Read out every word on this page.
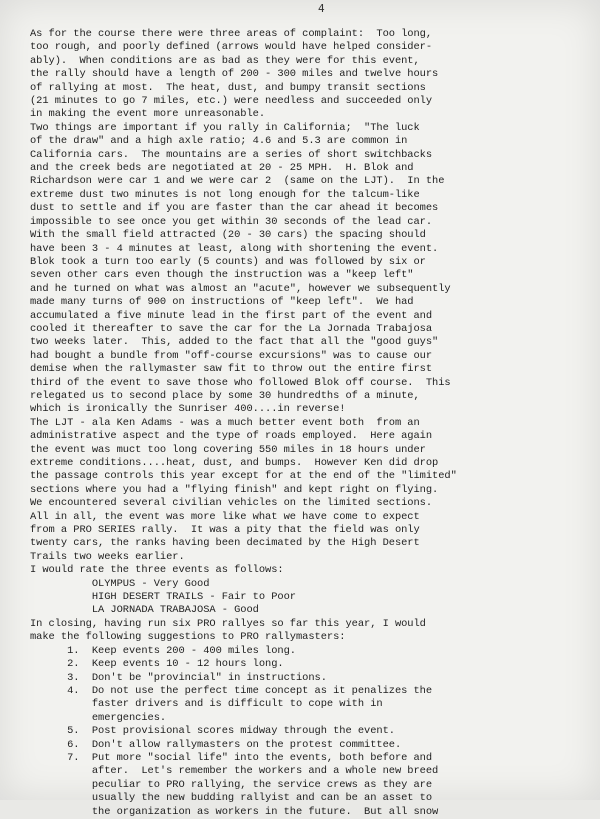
4
As for the course there were three areas of complaint:  Too long,
too rough, and poorly defined (arrows would have helped consider-
ably).  When conditions are as bad as they were for this event,
the rally should have a length of 200 - 300 miles and twelve hours
of rallying at most.  The heat, dust, and bumpy transit sections
(21 minutes to go 7 miles, etc.) were needless and succeeded only
in making the event more unreasonable.
Two things are important if you rally in California;  "The luck
of the draw" and a high axle ratio; 4.6 and 5.3 are common in
California cars.  The mountains are a series of short switchbacks
and the creek beds are negotiated at 20 - 25 MPH.  H. Blok and
Richardson were car 1 and we were car 2  (same on the LJT).  In the
extreme dust two minutes is not long enough for the talcum-like
dust to settle and if you are faster than the car ahead it becomes
impossible to see once you get within 30 seconds of the lead car.
With the small field attracted (20 - 30 cars) the spacing should
have been 3 - 4 minutes at least, along with shortening the event.
Blok took a turn too early (5 counts) and was followed by six or
seven other cars even though the instruction was a "keep left"
and he turned on what was almost an "acute", however we subsequently
made many turns of 900 on instructions of "keep left".  We had
accumulated a five minute lead in the first part of the event and
cooled it thereafter to save the car for the La Jornada Trabajosa
two weeks later.  This, added to the fact that all the "good guys"
had bought a bundle from "off-course excursions" was to cause our
demise when the rallymaster saw fit to throw out the entire first
third of the event to save those who followed Blok off course.  This
relegated us to second place by some 30 hundredths of a minute,
which is ironically the Sunriser 400....in reverse!
The LJT - ala Ken Adams - was a much better event both  from an
administrative aspect and the type of roads employed.  Here again
the event was muct too long covering 550 miles in 18 hours under
extreme conditions....heat, dust, and bumps.  However Ken did drop
the passage controls this year except for at the end of the "limited"
sections where you had a "flying finish" and kept right on flying.
We encountered several civilian vehicles on the limited sections.
All in all, the event was more like what we have come to expect
from a PRO SERIES rally.  It was a pity that the field was only
twenty cars, the ranks having been decimated by the High Desert
Trails two weeks earlier.
I would rate the three events as follows:
OLYMPUS - Very Good
HIGH DESERT TRAILS - Fair to Poor
LA JORNADA TRABAJOSA - Good
In closing, having run six PRO rallyes so far this year, I would
make the following suggestions to PRO rallymasters:
1.  Keep events 200 - 400 miles long.
2.  Keep events 10 - 12 hours long.
3.  Don't be "provincial" in instructions.
4.  Do not use the perfect time concept as it penalizes the
faster drivers and is difficult to cope with in
emergencies.
5.  Post provisional scores midway through the event.
6.  Don't allow rallymasters on the protest committee.
7.  Put more "social life" into the events, both before and
after.  Let's remember the workers and a whole new breed
peculiar to PRO rallying, the service crews as they are
usually the new budding rallyist and can be an asset to
the organization as workers in the future.  But all snow
